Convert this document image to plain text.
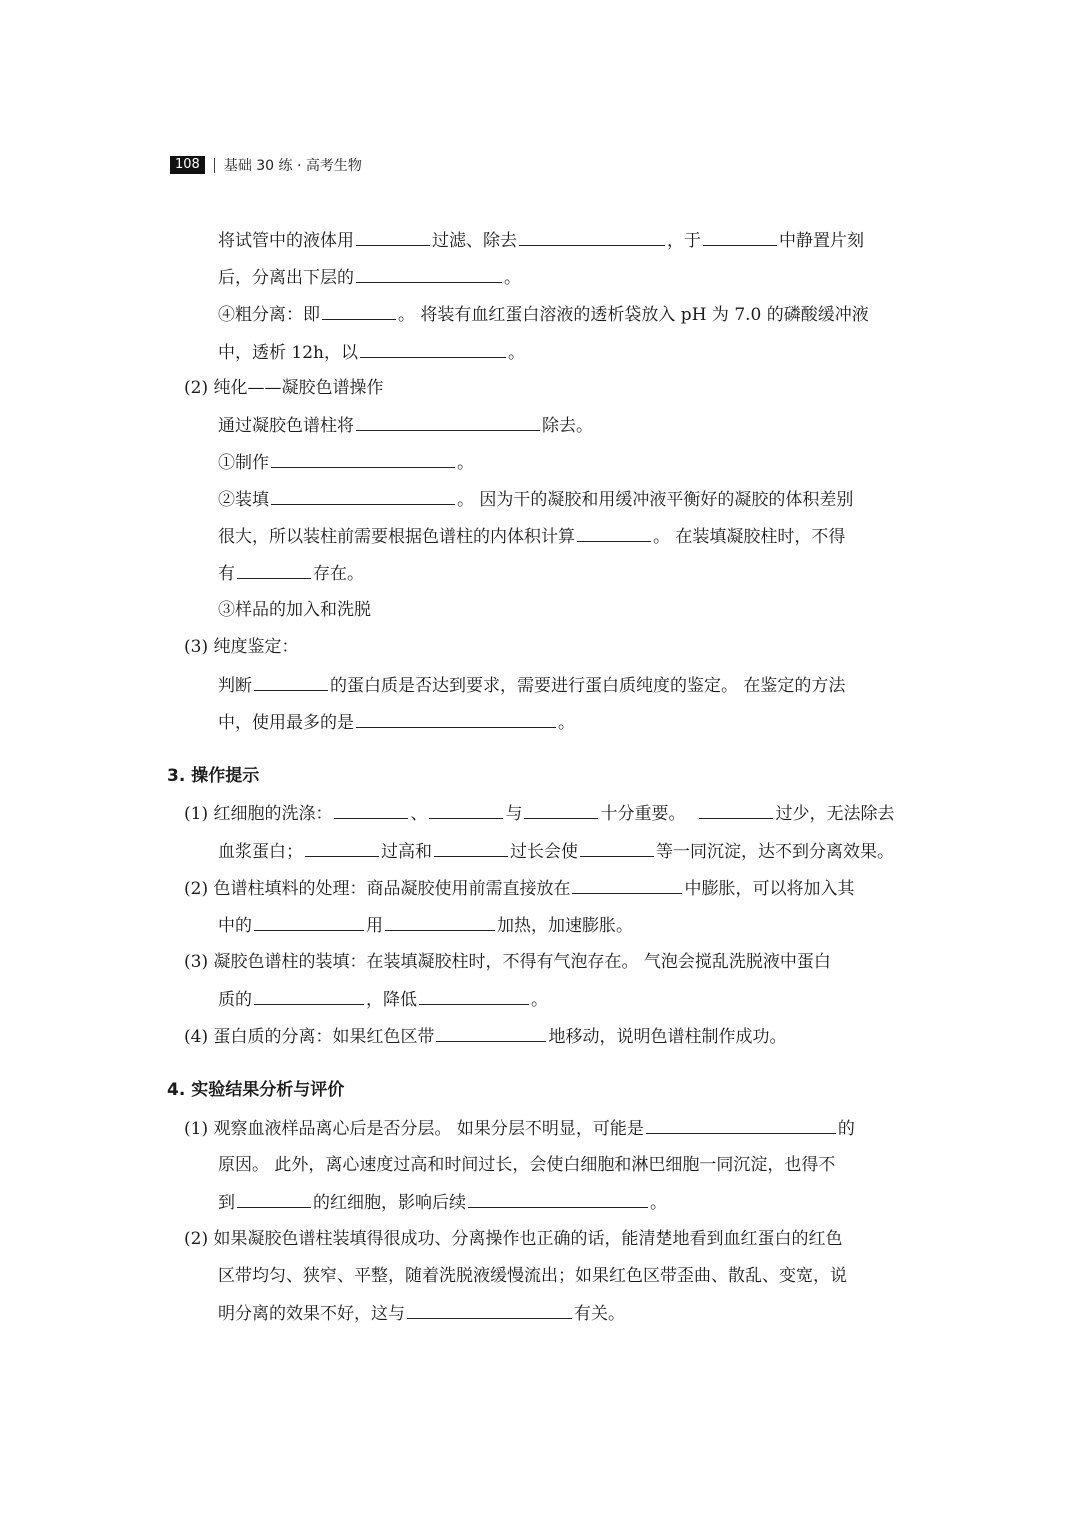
108	基础 30 练 · 高考生物
将试管中的液体用	过滤、除去	，于	中静置片刻
后，分离出下层的	。
④粗分离：即	。 将装有血红蛋白溶液的透析袋放入 pH 为 7.0 的磷酸缓冲液
中，透析 12h，以	。
(2) 纯化——凝胶色谱操作
通过凝胶色谱柱将	除去。
①制作	。
②装填	。 因为干的凝胶和用缓冲液平衡好的凝胶的体积差别
很大，所以装柱前需要根据色谱柱的内体积计算	。 在装填凝胶柱时，不得
有	存在。
③样品的加入和洗脱
(3) 纯度鉴定：
判断	的蛋白质是否达到要求，需要进行蛋白质纯度的鉴定。 在鉴定的方法
中，使用最多的是	。
3. 操作提示
(1) 红细胞的洗涤：	、	与	十分重要。	过少，无法除去
血浆蛋白；	过高和	过长会使	等一同沉淀，达不到分离效果。
(2) 色谱柱填料的处理：商品凝胶使用前需直接放在	中膨胀，可以将加入其
中的	用	加热，加速膨胀。
(3) 凝胶色谱柱的装填：在装填凝胶柱时，不得有气泡存在。 气泡会搅乱洗脱液中蛋白
质的	，降低	。
(4) 蛋白质的分离：如果红色区带	地移动，说明色谱柱制作成功。
4. 实验结果分析与评价
(1) 观察血液样品离心后是否分层。 如果分层不明显，可能是	的
原因。 此外，离心速度过高和时间过长，会使白细胞和淋巴细胞一同沉淀，也得不
到	的红细胞，影响后续	。
(2) 如果凝胶色谱柱装填得很成功、分离操作也正确的话，能清楚地看到血红蛋白的红色
区带均匀、狭窄、平整，随着洗脱液缓慢流出；如果红色区带歪曲、散乱、变宽，说
明分离的效果不好，这与	有关。
